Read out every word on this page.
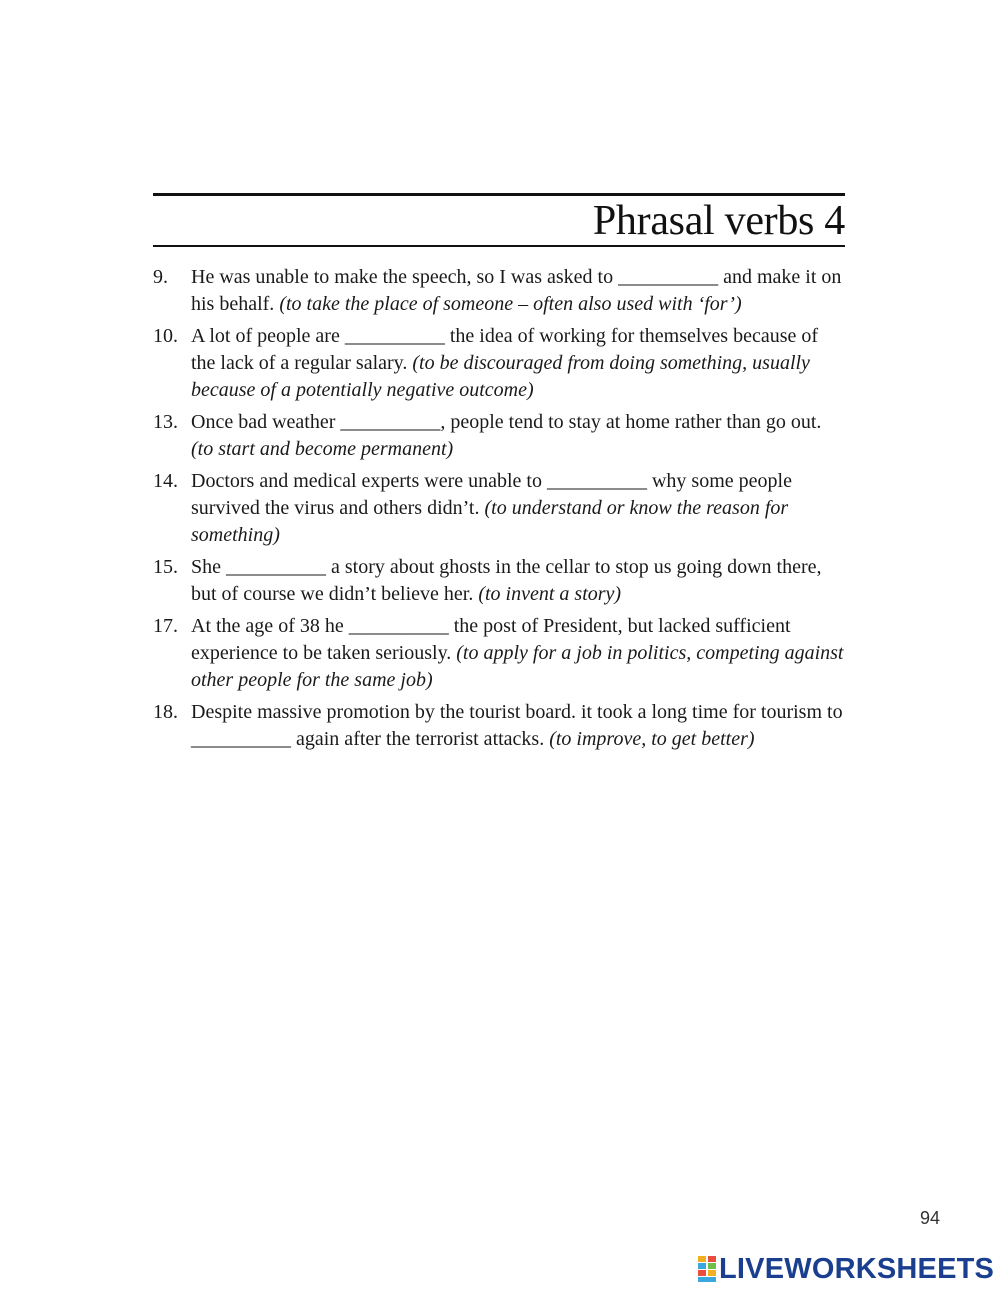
Phrasal verbs 4
9.	He was unable to make the speech, so I was asked to __________ and make it on his behalf. (to take the place of someone – often also used with ‘for’)
10. A lot of people are __________ the idea of working for themselves because of the lack of a regular salary. (to be discouraged from doing something, usually because of a potentially negative outcome)
13. Once bad weather __________, people tend to stay at home rather than go out. (to start and become permanent)
14. Doctors and medical experts were unable to __________ why some people survived the virus and others didn’t. (to understand or know the reason for something)
15. She __________ a story about ghosts in the cellar to stop us going down there, but of course we didn’t believe her. (to invent a story)
17. At the age of 38 he __________ the post of President, but lacked sufficient experience to be taken seriously. (to apply for a job in politics, competing against other people for the same job)
18. Despite massive promotion by the tourist board. it took a long time for tourism to __________ again after the terrorist attacks. (to improve, to get better)
94
LIVEWORKSHEETS
